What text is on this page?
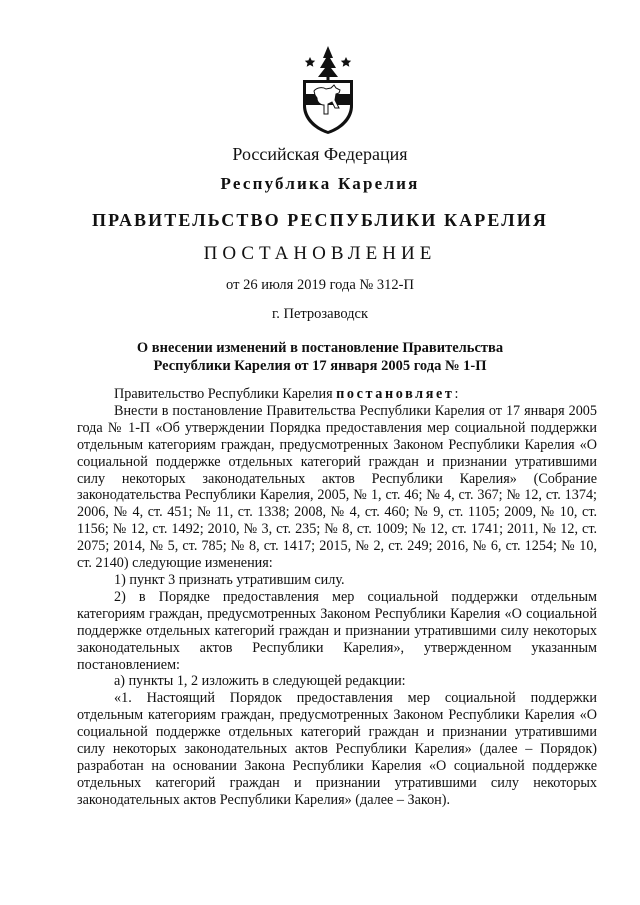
Российская Федерация
Республика Карелия
ПРАВИТЕЛЬСТВО РЕСПУБЛИКИ КАРЕЛИЯ
ПОСТАНОВЛЕНИЕ
от 26 июля 2019 года № 312-П
г. Петрозаводск
О внесении изменений в постановление Правительства
Республики Карелия от 17 января 2005 года № 1-П

Правительство Республики Карелия постановляет:

Внести в постановление Правительства Республики Карелия от 17 января 2005 года № 1-П «Об утверждении Порядка предоставления мер социальной поддержки отдельным категориям граждан, предусмотренных Законом Республики Карелия «О социальной поддержке отдельных категорий граждан и признании утратившими силу некоторых законодательных актов Республики Карелия» (Собрание законодательства Республики Карелия, 2005, № 1, ст. 46; № 4, ст. 367; № 12, ст. 1374; 2006, № 4, ст. 451; № 11, ст. 1338; 2008, № 4, ст. 460; № 9, ст. 1105; 2009, № 10, ст. 1156; № 12, ст. 1492; 2010, № 3, ст. 235; № 8, ст. 1009; № 12, ст. 1741; 2011, № 12, ст. 2075; 2014, № 5, ст. 785; № 8, ст. 1417; 2015, № 2, ст. 249; 2016, № 6, ст. 1254; № 10, ст. 2140) следующие изменения:

1) пункт 3 признать утратившим силу.

2) в Порядке предоставления мер социальной поддержки отдельным категориям граждан, предусмотренных Законом Республики Карелия «О социальной поддержке отдельных категорий граждан и признании утратившими силу некоторых законодательных актов Республики Карелия», утвержденном указанным постановлением:

а) пункты 1, 2 изложить в следующей редакции:

«1. Настоящий Порядок предоставления мер социальной поддержки отдельным категориям граждан, предусмотренных Законом Республики Карелия «О социальной поддержке отдельных категорий граждан и признании утратившими силу некоторых законодательных актов Республики Карелия» (далее – Порядок) разработан на основании Закона Республики Карелия «О социальной поддержке отдельных категорий граждан и признании утратившими силу некоторых законодательных актов Республики Карелия» (далее – Закон).
